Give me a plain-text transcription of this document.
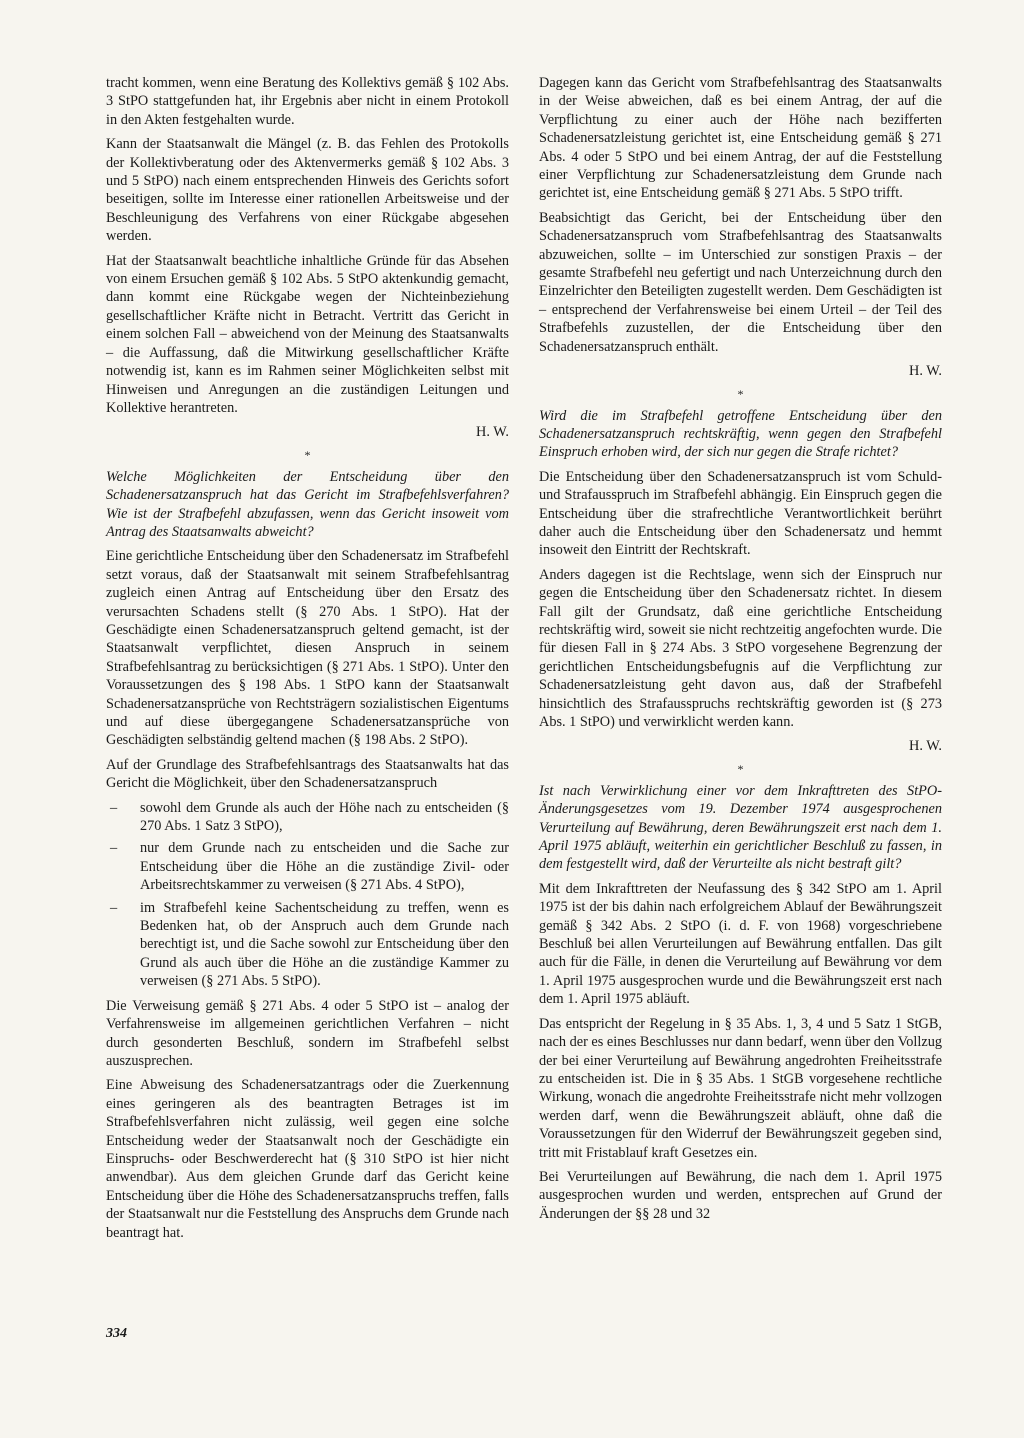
tracht kommen, wenn eine Beratung des Kollektivs gemäß § 102 Abs. 3 StPO stattgefunden hat, ihr Ergebnis aber nicht in einem Protokoll in den Akten festgehalten wurde.

Kann der Staatsanwalt die Mängel (z. B. das Fehlen des Protokolls der Kollektivberatung oder des Aktenvermerks gemäß § 102 Abs. 3 und 5 StPO) nach einem entsprechenden Hinweis des Gerichts sofort beseitigen, sollte im Interesse einer rationellen Arbeitsweise und der Beschleunigung des Verfahrens von einer Rückgabe abgesehen werden.

Hat der Staatsanwalt beachtliche inhaltliche Gründe für das Absehen von einem Ersuchen gemäß § 102 Abs. 5 StPO aktenkundig gemacht, dann kommt eine Rückgabe wegen der Nichteinbeziehung gesellschaftlicher Kräfte nicht in Betracht. Vertritt das Gericht in einem solchen Fall – abweichend von der Meinung des Staatsanwalts – die Auffassung, daß die Mitwirkung gesellschaftlicher Kräfte notwendig ist, kann es im Rahmen seiner Möglichkeiten selbst mit Hinweisen und Anregungen an die zuständigen Leitungen und Kollektive herantreten.

H. W.
*

Welche Möglichkeiten der Entscheidung über den Schadenersatzanspruch hat das Gericht im Strafbefehlsverfahren? Wie ist der Strafbefehl abzufassen, wenn das Gericht insoweit vom Antrag des Staatsanwalts abweicht?

Eine gerichtliche Entscheidung über den Schadenersatz im Strafbefehl setzt voraus, daß der Staatsanwalt mit seinem Strafbefehlsantrag zugleich einen Antrag auf Entscheidung über den Ersatz des verursachten Schadens stellt (§ 270 Abs. 1 StPO). Hat der Geschädigte einen Schadenersatzanspruch geltend gemacht, ist der Staatsanwalt verpflichtet, diesen Anspruch in seinem Strafbefehlsantrag zu berücksichtigen (§ 271 Abs. 1 StPO). Unter den Voraussetzungen des § 198 Abs. 1 StPO kann der Staatsanwalt Schadenersatzansprüche von Rechtsträgern sozialistischen Eigentums und auf diese übergegangene Schadenersatzansprüche von Geschädigten selbständig geltend machen (§ 198 Abs. 2 StPO).

Auf der Grundlage des Strafbefehlsantrags des Staatsanwalts hat das Gericht die Möglichkeit, über den Schadenersatzanspruch

– sowohl dem Grunde als auch der Höhe nach zu entscheiden (§ 270 Abs. 1 Satz 3 StPO),
– nur dem Grunde nach zu entscheiden und die Sache zur Entscheidung über die Höhe an die zuständige Zivil- oder Arbeitsrechtskammer zu verweisen (§ 271 Abs. 4 StPO),
– im Strafbefehl keine Sachentscheidung zu treffen, wenn es Bedenken hat, ob der Anspruch auch dem Grunde nach berechtigt ist, und die Sache sowohl zur Entscheidung über den Grund als auch über die Höhe an die zuständige Kammer zu verweisen (§ 271 Abs. 5 StPO).

Die Verweisung gemäß § 271 Abs. 4 oder 5 StPO ist – analog der Verfahrensweise im allgemeinen gerichtlichen Verfahren – nicht durch gesonderten Beschluß, sondern im Strafbefehl selbst auszusprechen.

Eine Abweisung des Schadenersatzantrags oder die Zuerkennung eines geringeren als des beantragten Betrages ist im Strafbefehlsverfahren nicht zulässig, weil gegen eine solche Entscheidung weder der Staatsanwalt noch der Geschädigte ein Einspruchs- oder Beschwerderecht hat (§ 310 StPO ist hier nicht anwendbar). Aus dem gleichen Grunde darf das Gericht keine Entscheidung über die Höhe des Schadenersatzanspruchs treffen, falls der Staatsanwalt nur die Feststellung des Anspruchs dem Grunde nach beantragt hat.

Dagegen kann das Gericht vom Strafbefehlsantrag des Staatsanwalts in der Weise abweichen, daß es bei einem Antrag, der auf die Verpflichtung zu einer auch der Höhe nach bezifferten Schadenersatzleistung gerichtet ist, eine Entscheidung gemäß § 271 Abs. 4 oder 5 StPO und bei einem Antrag, der auf die Feststellung einer Verpflichtung zur Schadenersatzleistung dem Grunde nach gerichtet ist, eine Entscheidung gemäß § 271 Abs. 5 StPO trifft.

Beabsichtigt das Gericht, bei der Entscheidung über den Schadenersatzanspruch vom Strafbefehlsantrag des Staatsanwalts abzuweichen, sollte – im Unterschied zur sonstigen Praxis – der gesamte Strafbefehl neu gefertigt und nach Unterzeichnung durch den Einzelrichter den Beteiligten zugestellt werden. Dem Geschädigten ist – entsprechend der Verfahrensweise bei einem Urteil – der Teil des Strafbefehls zuzustellen, der die Entscheidung über den Schadenersatzanspruch enthält.

H. W.
*

Wird die im Strafbefehl getroffene Entscheidung über den Schadenersatzanspruch rechtskräftig, wenn gegen den Strafbefehl Einspruch erhoben wird, der sich nur gegen die Strafe richtet?

Die Entscheidung über den Schadenersatzanspruch ist vom Schuld- und Strafausspruch im Strafbefehl abhängig. Ein Einspruch gegen die Entscheidung über die strafrechtliche Verantwortlichkeit berührt daher auch die Entscheidung über den Schadenersatz und hemmt insoweit den Eintritt der Rechtskraft.

Anders dagegen ist die Rechtslage, wenn sich der Einspruch nur gegen die Entscheidung über den Schadenersatz richtet. In diesem Fall gilt der Grundsatz, daß eine gerichtliche Entscheidung rechtskräftig wird, soweit sie nicht rechtzeitig angefochten wurde. Die für diesen Fall in § 274 Abs. 3 StPO vorgesehene Begrenzung der gerichtlichen Entscheidungsbefugnis auf die Verpflichtung zur Schadenersatzleistung geht davon aus, daß der Strafbefehl hinsichtlich des Strafausspruchs rechtskräftig geworden ist (§ 273 Abs. 1 StPO) und verwirklicht werden kann.

H. W.
*

Ist nach Verwirklichung einer vor dem Inkrafttreten des StPO-Änderungsgesetzes vom 19. Dezember 1974 ausgesprochenen Verurteilung auf Bewährung, deren Bewährungszeit erst nach dem 1. April 1975 abläuft, weiterhin ein gerichtlicher Beschluß zu fassen, in dem festgestellt wird, daß der Verurteilte als nicht bestraft gilt?

Mit dem Inkrafttreten der Neufassung des § 342 StPO am 1. April 1975 ist der bis dahin nach erfolgreichem Ablauf der Bewährungszeit gemäß § 342 Abs. 2 StPO (i. d. F. von 1968) vorgeschriebene Beschluß bei allen Verurteilungen auf Bewährung entfallen. Das gilt auch für die Fälle, in denen die Verurteilung auf Bewährung vor dem 1. April 1975 ausgesprochen wurde und die Bewährungszeit erst nach dem 1. April 1975 abläuft.

Das entspricht der Regelung in § 35 Abs. 1, 3, 4 und 5 Satz 1 StGB, nach der es eines Beschlusses nur dann bedarf, wenn über den Vollzug der bei einer Verurteilung auf Bewährung angedrohten Freiheitsstrafe zu entscheiden ist. Die in § 35 Abs. 1 StGB vorgesehene rechtliche Wirkung, wonach die angedrohte Freiheitsstrafe nicht mehr vollzogen werden darf, wenn die Bewährungszeit abläuft, ohne daß die Voraussetzungen für den Widerruf der Bewährungszeit gegeben sind, tritt mit Fristablauf kraft Gesetzes ein.

Bei Verurteilungen auf Bewährung, die nach dem 1. April 1975 ausgesprochen wurden und werden, entsprechen auf Grund der Änderungen der §§ 28 und 32

334
